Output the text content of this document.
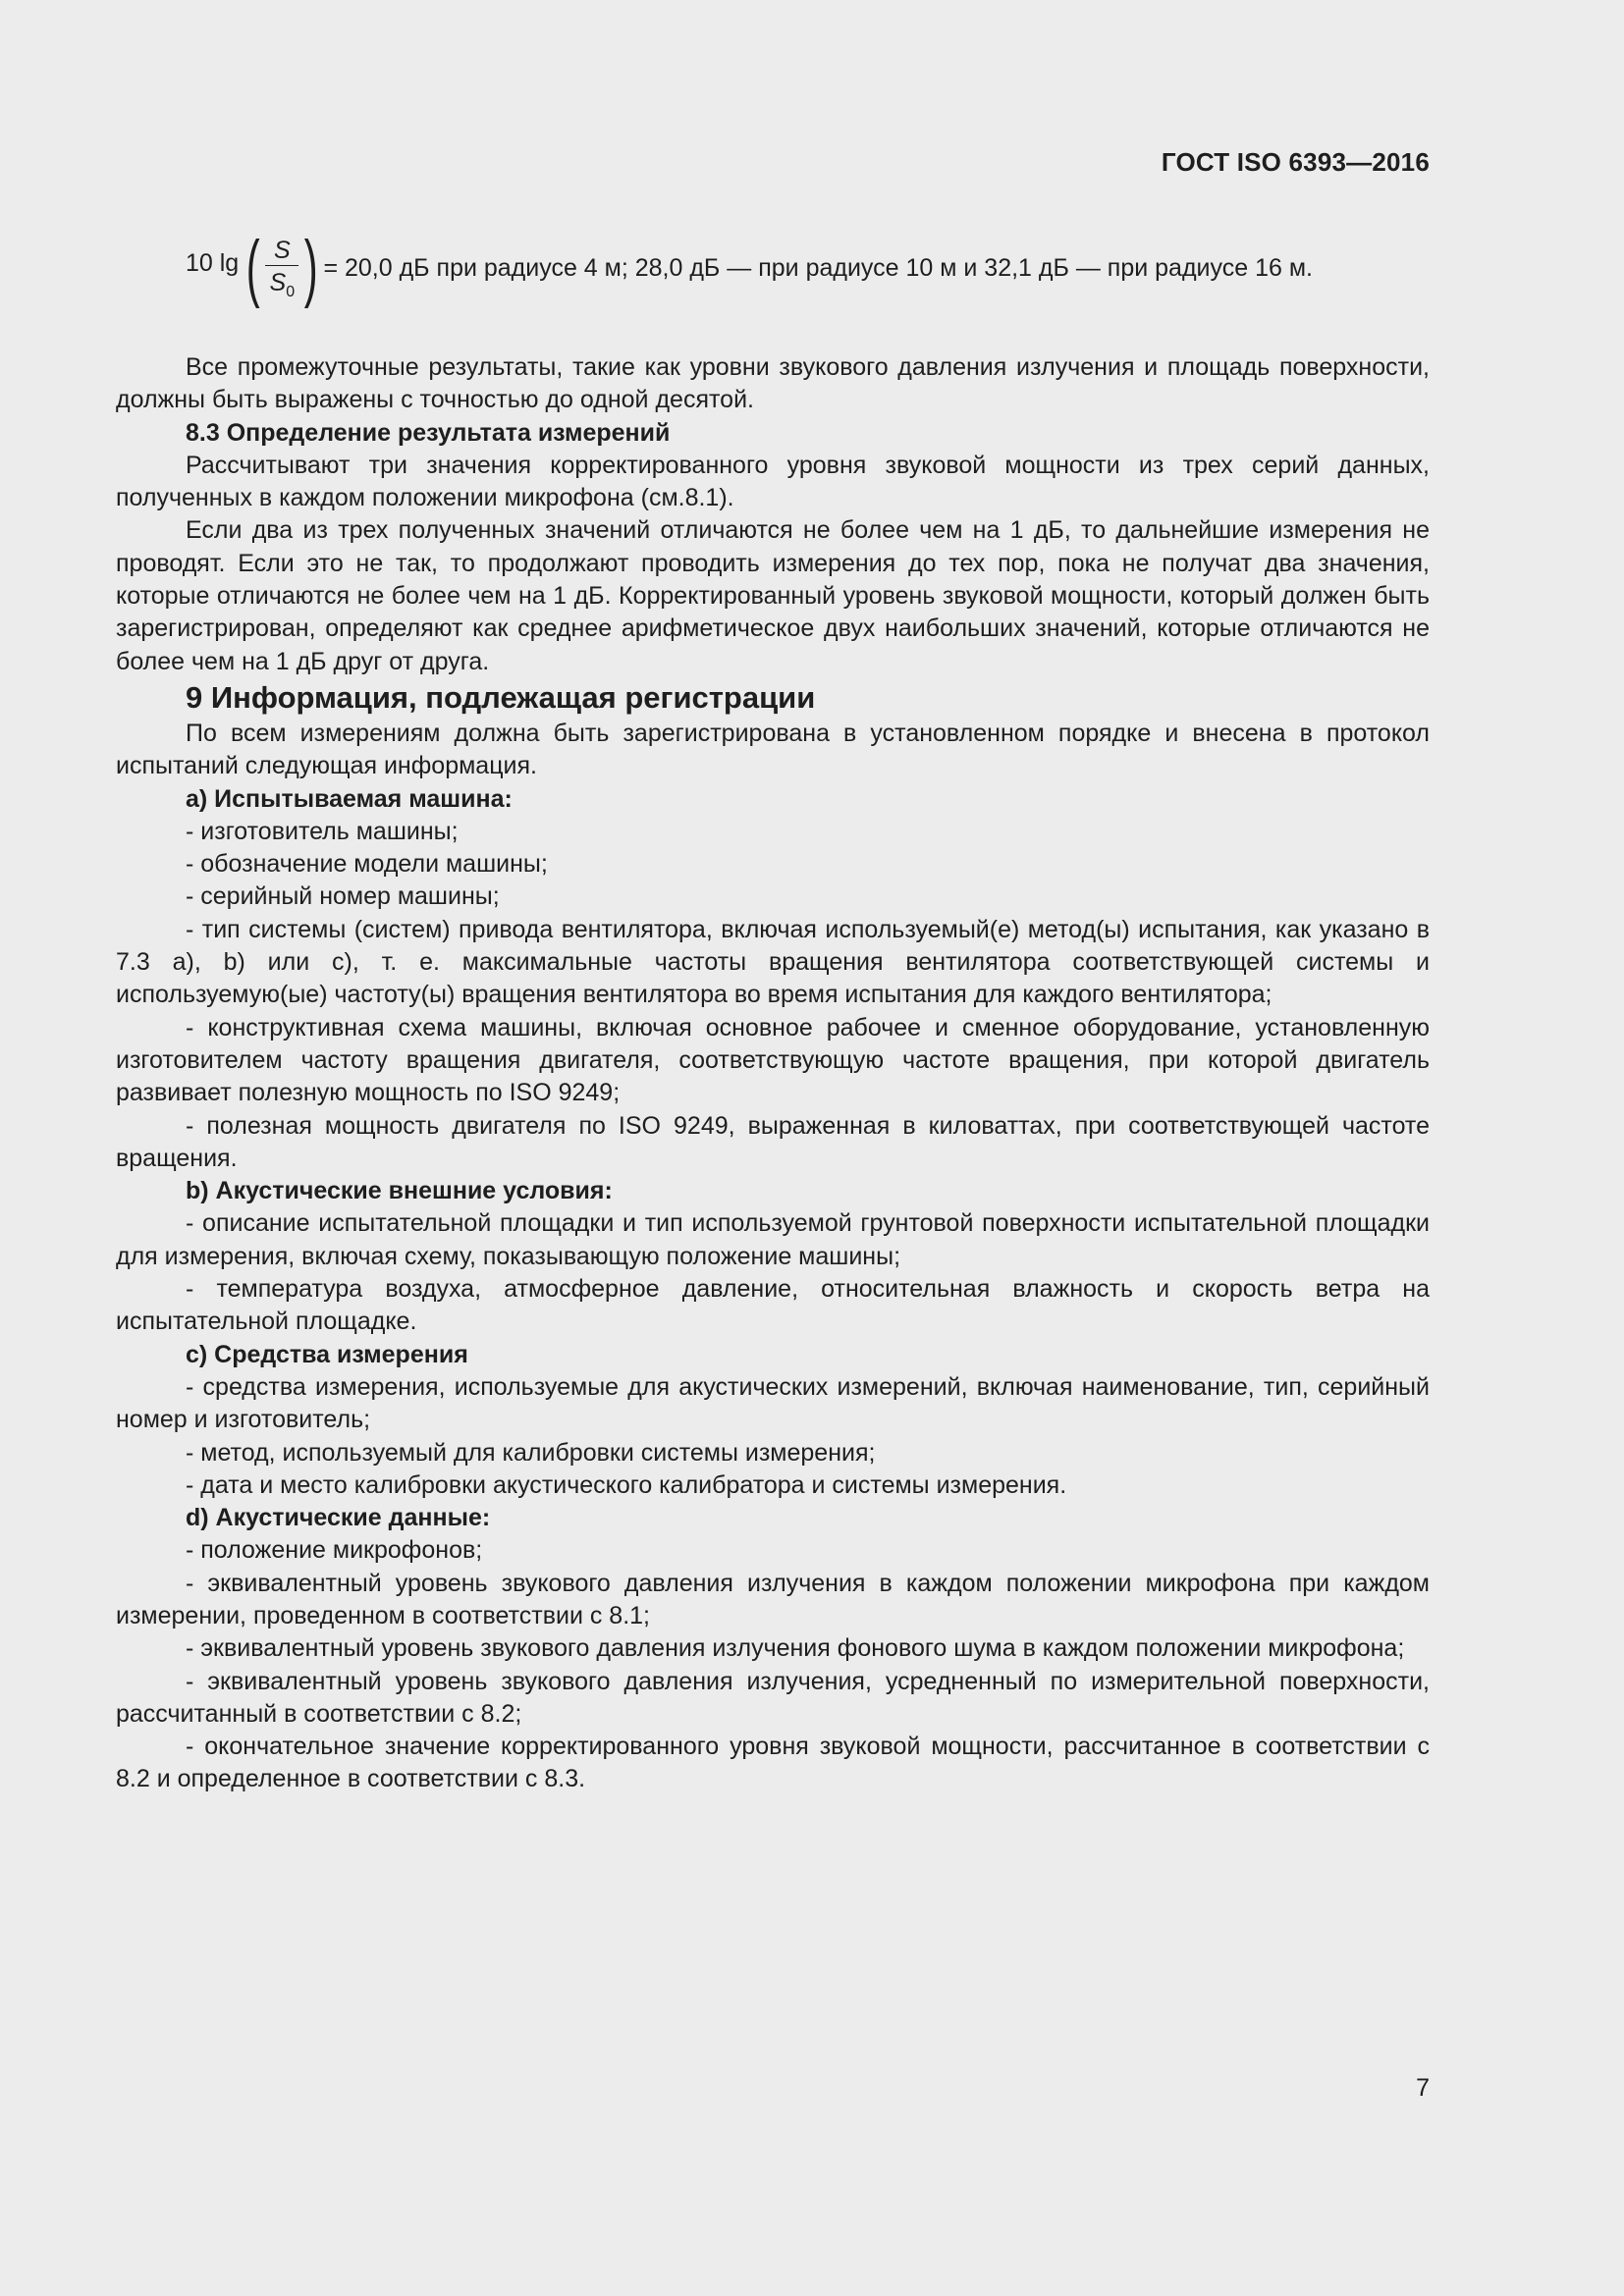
ГОСТ ISO 6393—2016
10 lg ( $\frac{S}{S_0}$ ) = 20,0 дБ при радиусе 4 м; 28,0 дБ — при радиусе 10 м и 32,1 дБ — при радиусе 16 м.

Все промежуточные результаты, такие как уровни звукового давления излучения и площадь поверхности, должны быть выражены с точностью до одной десятой.

8.3 Определение результата измерений

Рассчитывают три значения корректированного уровня звуковой мощности из трех серий данных, полученных в каждом положении микрофона (см.8.1).

Если два из трех полученных значений отличаются не более чем на 1 дБ, то дальнейшие измерения не проводят. Если это не так, то продолжают проводить измерения до тех пор, пока не получат два значения, которые отличаются не более чем на 1 дБ. Корректированный уровень звуковой мощности, который должен быть зарегистрирован, определяют как среднее арифметическое двух наибольших значений, которые отличаются не более чем на 1 дБ друг от друга.

9 Информация, подлежащая регистрации

По всем измерениям должна быть зарегистрирована в установленном порядке и внесена в протокол испытаний следующая информация.

а) Испытываемая машина:

- изготовитель машины;

- обозначение модели машины;

- серийный номер машины;

- тип системы (систем) привода вентилятора, включая используемый(е) метод(ы) испытания, как указано в 7.3 а), b) или с), т. е. максимальные частоты вращения вентилятора соответствующей системы и используемую(ые) частоту(ы) вращения вентилятора во время испытания для каждого вентилятора;

- конструктивная схема машины, включая основное рабочее и сменное оборудование, установленную изготовителем частоту вращения двигателя, соответствующую частоте вращения, при которой двигатель развивает полезную мощность по ISO 9249;

- полезная мощность двигателя по ISO 9249, выраженная в киловаттах, при соответствующей частоте вращения.

b) Акустические внешние условия:

- описание испытательной площадки и тип используемой грунтовой поверхности испытательной площадки для измерения, включая схему, показывающую положение машины;

- температура воздуха, атмосферное давление, относительная влажность и скорость ветра на испытательной площадке.

с) Средства измерения

- средства измерения, используемые для акустических измерений, включая наименование, тип, серийный номер и изготовитель;

- метод, используемый для калибровки системы измерения;

- дата и место калибровки акустического калибратора и системы измерения.

d) Акустические данные:

- положение микрофонов;

- эквивалентный уровень звукового давления излучения в каждом положении микрофона при каждом измерении, проведенном в соответствии с 8.1;

- эквивалентный уровень звукового давления излучения фонового шума в каждом положении микрофона;

- эквивалентный уровень звукового давления излучения, усредненный по измерительной поверхности, рассчитанный в соответствии с 8.2;

- окончательное значение корректированного уровня звуковой мощности, рассчитанное в соответствии с 8.2 и определенное в соответствии с 8.3.

7
